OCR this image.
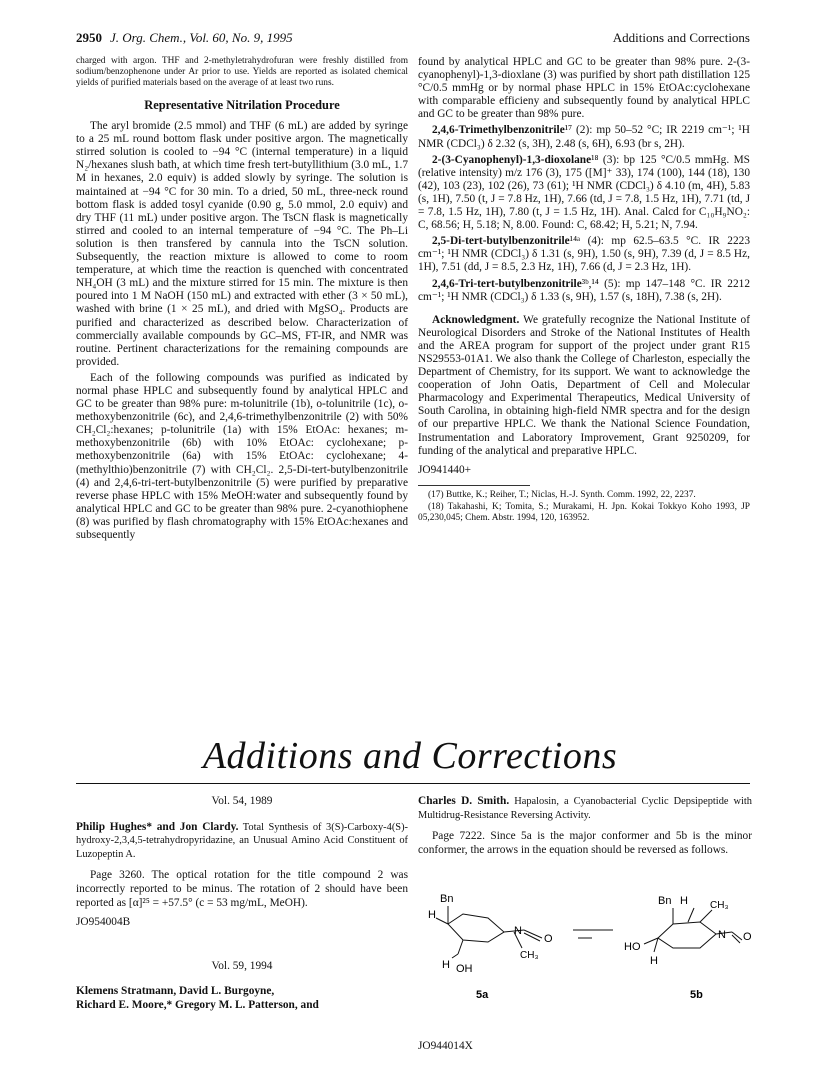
2950 J. Org. Chem., Vol. 60, No. 9, 1995	Additions and Corrections

charged with argon. THF and 2-methyletrahydrofuran were freshly distilled from sodium/benzophenone under Ar prior to use. Yields are reported as isolated chemical yields of purified materials based on the average of at least two runs.

Representative Nitrilation Procedure

The aryl bromide (2.5 mmol) and THF (6 mL) are added by syringe to a 25 mL round bottom flask under positive argon. The magnetically stirred solution is cooled to −94 °C (internal temperature) in a liquid N₂/hexanes slush bath, at which time fresh tert-butyllithium (3.0 mL, 1.7 M in hexanes, 2.0 equiv) is added slowly by syringe. The solution is maintained at −94 °C for 30 min. To a dried, 50 mL, three-neck round bottom flask is added tosyl cyanide (0.90 g, 5.0 mmol, 2.0 equiv) and dry THF (11 mL) under positive argon. The TsCN flask is magnetically stirred and cooled to an internal temperature of −94 °C. The Ph–Li solution is then transfered by cannula into the TsCN solution. Subsequently, the reaction mixture is allowed to come to room temperature, at which time the reaction is quenched with concentrated NH₄OH (3 mL) and the mixture stirred for 15 min. The mixture is then poured into 1 M NaOH (150 mL) and extracted with ether (3 × 50 mL), washed with brine (1 × 25 mL), and dried with MgSO₄. Products are purified and characterized as described below. Characterization of commercially available compounds by GC–MS, FT-IR, and NMR was routine. Pertinent characterizations for the remaining compounds are provided.

Each of the following compounds was purified as indicated by normal phase HPLC and subsequently found by analytical HPLC and GC to be greater than 98% pure: m-tolunitrile (1b), o-tolunitrile (1c), o-methoxybenzonitrile (6c), and 2,4,6-trimethylbenzonitrile (2) with 50% CH₂Cl₂:hexanes; p-tolunitrile (1a) with 15% EtOAc: hexanes; m-methoxybenzonitrile (6b) with 10% EtOAc: cyclohexane; p-methoxybenzonitrile (6a) with 15% EtOAc: cyclohexane; 4-(methylthio)benzonitrile (7) with CH₂Cl₂. 2,5-Di-tert-butylbenzonitrile (4) and 2,4,6-tri-tert-butylbenzonitrile (5) were purified by preparative reverse phase HPLC with 15% MeOH:water and subsequently found by analytical HPLC and GC to be greater than 98% pure. 2-cyanothiophene (8) was purified by flash chromatography with 15% EtOAc:hexanes and subsequently

found by analytical HPLC and GC to be greater than 98% pure. 2-(3-cyanophenyl)-1,3-dioxlane (3) was purified by short path distillation 125 °C/0.5 mmHg or by normal phase HPLC in 15% EtOAc:cyclohexane with comparable efficieny and subsequently found by analytical HPLC and GC to be greater than 98% pure.

2,4,6-Trimethylbenzonitrile¹⁷ (2): mp 50–52 °C; IR 2219 cm⁻¹; ¹H NMR (CDCl₃) δ 2.32 (s, 3H), 2.48 (s, 6H), 6.93 (br s, 2H).

2-(3-Cyanophenyl)-1,3-dioxolane¹⁸ (3): bp 125 °C/0.5 mmHg. MS (relative intensity) m/z 176 (3), 175 ([M]⁺ 33), 174 (100), 144 (18), 130 (42), 103 (23), 102 (26), 73 (61); ¹H NMR (CDCl₃) δ 4.10 (m, 4H), 5.83 (s, 1H), 7.50 (t, J = 7.8 Hz, 1H), 7.66 (td, J = 7.8, 1.5 Hz, 1H), 7.71 (td, J = 7.8, 1.5 Hz, 1H), 7.80 (t, J = 1.5 Hz, 1H). Anal. Calcd for C₁₀H₉NO₂: C, 68.56; H, 5.18; N, 8.00. Found: C, 68.42; H, 5.21; N, 7.94.

2,5-Di-tert-butylbenzonitrile¹⁴ᵃ (4): mp 62.5–63.5 °C. IR 2223 cm⁻¹; ¹H NMR (CDCl₃) δ 1.31 (s, 9H), 1.50 (s, 9H), 7.39 (d, J = 8.5 Hz, 1H), 7.51 (dd, J = 8.5, 2.3 Hz, 1H), 7.66 (d, J = 2.3 Hz, 1H).

2,4,6-Tri-tert-butylbenzonitrile³ᵇ,¹⁴ (5): mp 147–148 °C. IR 2212 cm⁻¹; ¹H NMR (CDCl₃) δ 1.33 (s, 9H), 1.57 (s, 18H), 7.38 (s, 2H).

Acknowledgment. We gratefully recognize the National Institute of Neurological Disorders and Stroke of the National Institutes of Health and the AREA program for support of the project under grant R15 NS29553-01A1. We also thank the College of Charleston, especially the Department of Chemistry, for its support. We want to acknowledge the cooperation of John Oatis, Department of Cell and Molecular Pharmacology and Experimental Therapeutics, Medical University of South Carolina, in obtaining high-field NMR spectra and for the design of our prepartive HPLC. We thank the National Science Foundation, Instrumentation and Laboratory Improvement, Grant 9250209, for funding of the analytical and preparative HPLC.

JO941440+

(17) Buttke, K.; Reiher, T.; Niclas, H.-J. Synth. Comm. 1992, 22, 2237.

(18) Takahashi, K; Tomita, S.; Murakami, H. Jpn. Kokai Tokkyo Koho 1993, JP 05,230,045; Chem. Abstr. 1994, 120, 163952.

Additions and Corrections

Vol. 54, 1989

Philip Hughes* and Jon Clardy. Total Synthesis of 3(S)-Carboxy-4(S)-hydroxy-2,3,4,5-tetrahydropyridazine, an Unusual Amino Acid Constituent of Luzopeptin A.

Page 3260. The optical rotation for the title compound 2 was incorrectly reported to be minus. The rotation of 2 should have been reported as [α]²⁵ = +57.5° (c = 53 mg/mL, MeOH).

JO954004B

Vol. 59, 1994

Klemens Stratmann, David L. Burgoyne,

Richard E. Moore,* Gregory M. L. Patterson, and

Charles D. Smith. Hapalosin, a Cyanobacterial Cyclic Depsipeptide with Multidrug-Resistance Reversing Activity.

Page 7222. Since 5a is the major conformer and 5b is the minor conformer, the arrows in the equation should be reversed as follows.

Bn
H
N
O
CH₃
H OH
5a
Bn H CH₃
N O
HO
H
5b

JO944014X
